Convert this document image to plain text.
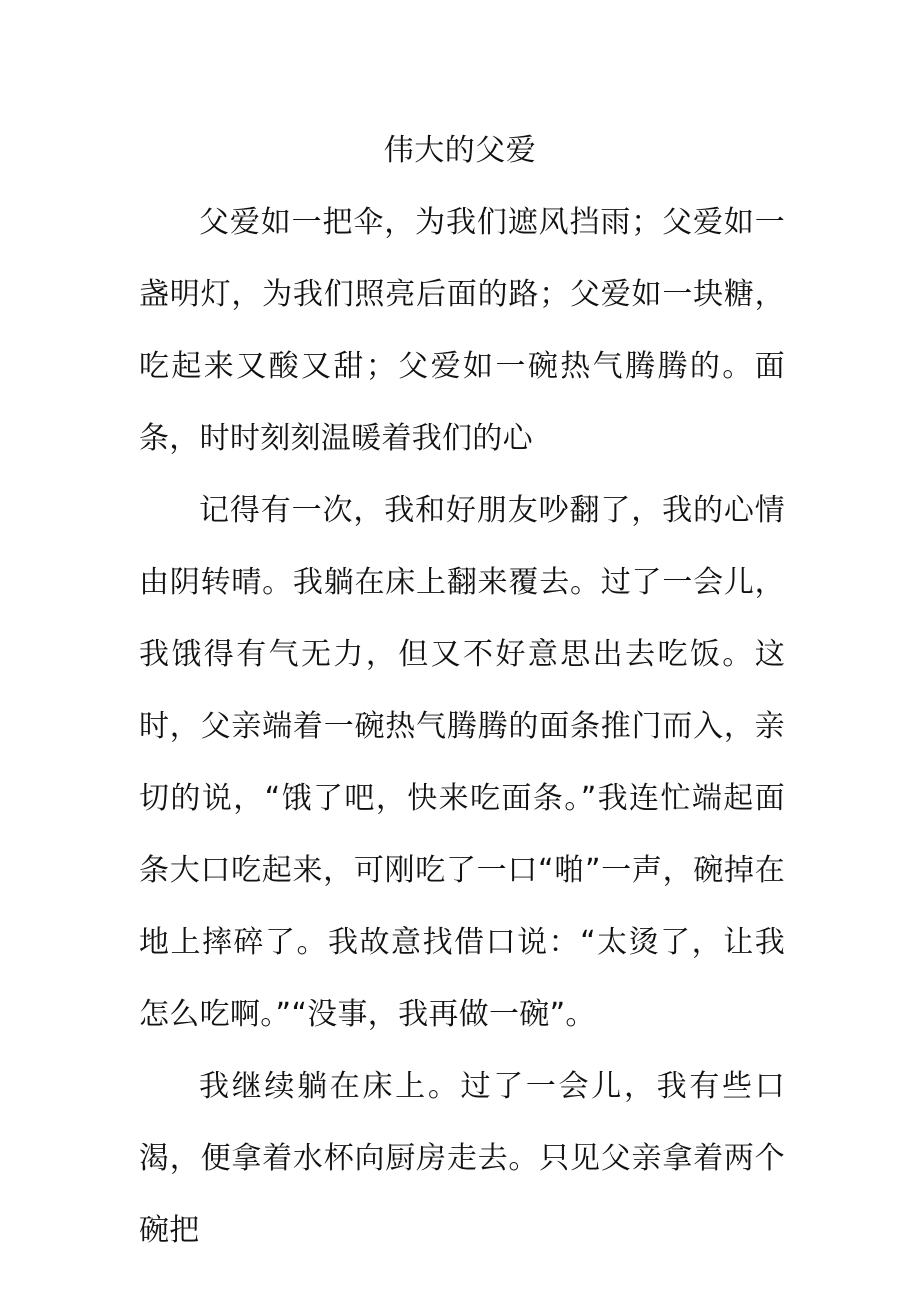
伟大的父爱

父爱如一把伞，为我们遮风挡雨；父爱如一盏明灯，为我们照亮后面的路；父爱如一块糖，吃起来又酸又甜；父爱如一碗热气腾腾的。面条，时时刻刻温暖着我们的心

记得有一次，我和好朋友吵翻了，我的心情由阴转晴。我躺在床上翻来覆去。过了一会儿，我饿得有气无力，但又不好意思出去吃饭。这时，父亲端着一碗热气腾腾的面条推门而入，亲切的说，“饿了吧，快来吃面条。”我连忙端起面条大口吃起来，可刚吃了一口“啪”一声，碗掉在地上摔碎了。我故意找借口说：“太烫了，让我怎么吃啊。”“没事，我再做一碗”。

我继续躺在床上。过了一会儿，我有些口渴，便拿着水杯向厨房走去。只见父亲拿着两个碗把
